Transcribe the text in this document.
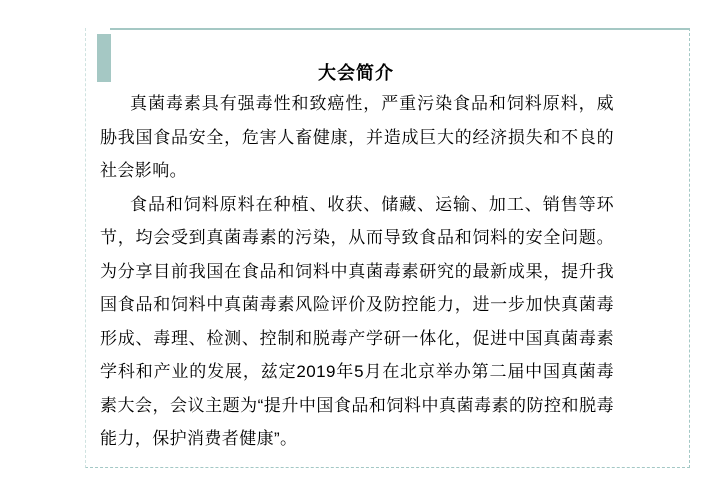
大会简介

真菌毒素具有强毒性和致癌性，严重污染食品和饲料原料，威胁我国食品安全，危害人畜健康，并造成巨大的经济损失和不良的社会影响。

食品和饲料原料在种植、收获、储藏、运输、加工、销售等环节，均会受到真菌毒素的污染，从而导致食品和饲料的安全问题。为分享目前我国在食品和饲料中真菌毒素研究的最新成果，提升我国食品和饲料中真菌毒素风险评价及防控能力，进一步加快真菌毒形成、毒理、检测、控制和脱毒产学研一体化，促进中国真菌毒素学科和产业的发展，兹定2019年5月在北京举办第二届中国真菌毒素大会，会议主题为“提升中国食品和饲料中真菌毒素的防控和脱毒能力，保护消费者健康”。
